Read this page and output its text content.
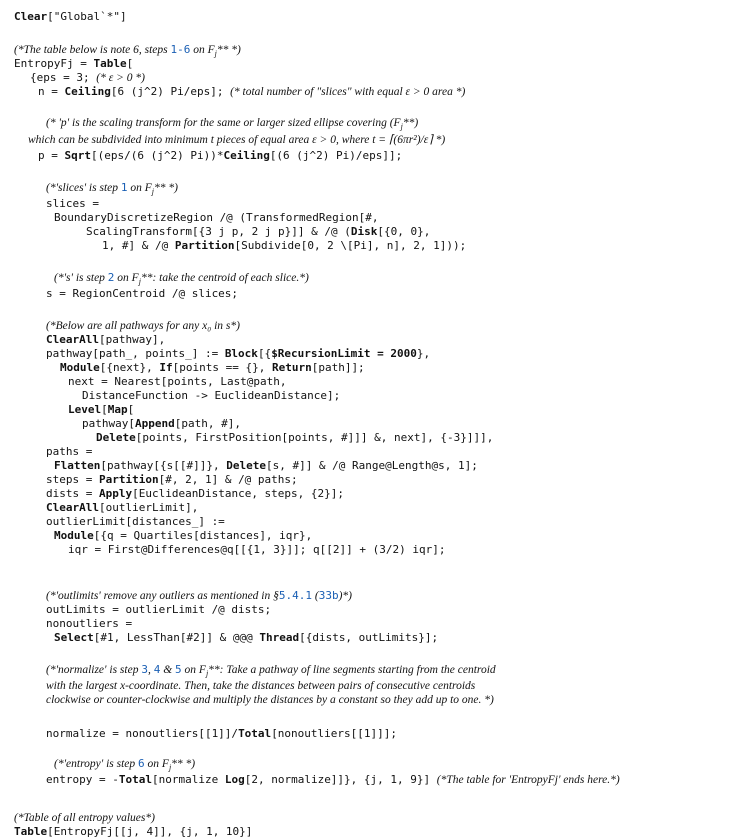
Clear["Global`*"]
(*The table below is note 6, steps 1-6 on $F_j**$ *)
EntropyFj = Table[
{eps = 3; (* ε > 0 *)
n = Ceiling[6 (j^2) Pi/eps]; (* total number of "slices" with equal ε > 0 area *)
(* 'p' is the scaling transform for the same or larger sized ellipse covering $(F_j**)$
which can be subdivided into minimum t pieces of equal area ε > 0, where t = ⌈(6πr²)/ε⌉ *)
p = Sqrt[(eps/(6 (j^2) Pi))*Ceiling[(6 (j^2) Pi)/eps]];
(*'slices' is step 1 on $F_j**$ *)
slices =
BoundaryDiscretizeRegion /@ (TransformedRegion[#,
ScalingTransform[{3 j p, 2 j p}]] & /@ (Disk[{0, 0},
1, #] & /@ Partition[Subdivide[0, 2 \[Pi], n], 2, 1]));
(*'s' is step 2 on $F_j**$: take the centroid of each slice.*)
s = RegionCentroid /@ slices;
(*Below are all pathways for any x₀ in s*)
ClearAll[pathway],
pathway[path_, points_] := Block[{$RecursionLimit = 2000},
Module[{next}, If[points == {}, Return[path]];
next = Nearest[points, Last@path,
DistanceFunction -> EuclideanDistance];
Level[Map[
pathway[Append[path, #],
Delete[points, FirstPosition[points, #]]] &, next], {-3}]]],
paths =
Flatten[pathway[{s[[#]]}, Delete[s, #]] & /@ Range@Length@s, 1];
steps = Partition[#, 2, 1] & /@ paths;
dists = Apply[EuclideanDistance, steps, {2}];
ClearAll[outlierLimit],
outlierLimit[distances_] :=
Module[{q = Quartiles[distances], iqr},
iqr = First@Differences@q[[{1, 3}]]; q[[2]] + (3/2) iqr];
(*'outlimits' remove any outliers as mentioned in §5.4.1 (33b)*)
outLimits = outlierLimit /@ dists;
nonoutliers =
Select[#1, LessThan[#2]] & @@@ Thread[{dists, outLimits}];
(*'normalize' is step 3, 4 & 5 on $F_j**$: Take a pathway of line segments starting from the centroid
with the largest x-coordinate. Then, take the distances between pairs of consecutive centroids
clockwise or counter-clockwise and multiply the distances by a constant so they add up to one. *)
normalize = nonoutliers[[1]]/Total[nonoutliers[[1]]];
(*'entropy' is step 6 on $F_j**$ *)
entropy = -Total[normalize Log[2, normalize]]}, {j, 1, 9}] (*The table for 'EntropyFj' ends here.*)
(*Table of all entropy values*)
Table[EntropyFj[[j, 4]], {j, 1, 10}]
